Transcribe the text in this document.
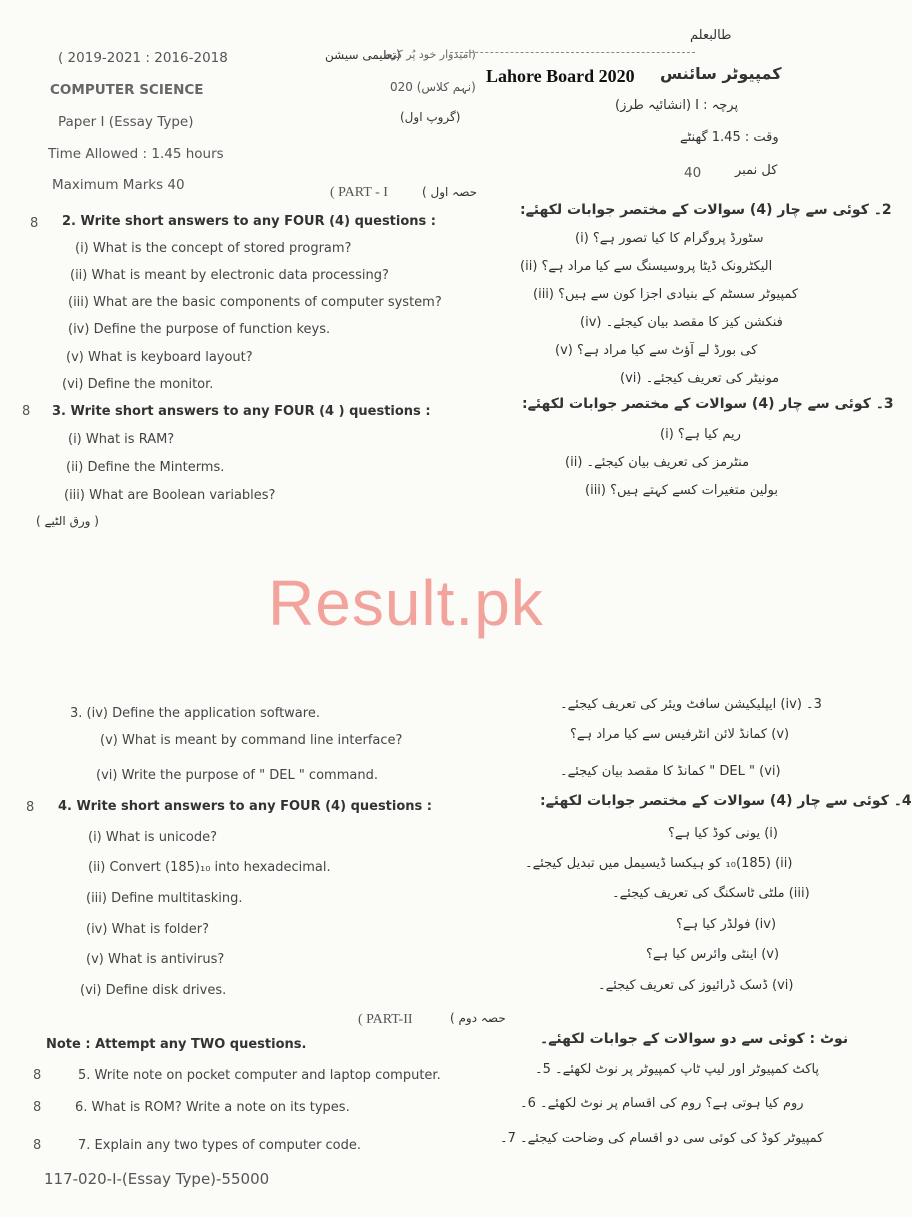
طالبعلم
( 2019-2021 : 2016-2018	(تعلیمی سیشن
(امیدوار خود پُر کرے
COMPUTER SCIENCE	020 (نہم کلاس)
Lahore Board 2020 کمپیوٹر سائنس
Paper I (Essay Type)	(گروپ اول)
پرچہ : I (انشائیہ طرز)
Time Allowed : 1.45 hours
وقت : 1.45 گھنٹے
Maximum Marks 40
40	کل نمبر
( PART - I	حصہ اول )
8 2. Write short answers to any FOUR (4) questions :
2۔ کوئی سے چار (4) سوالات کے مختصر جوابات لکھئے:
(i) What is the concept of stored program?
سٹورڈ پروگرام کا کیا تصور ہے؟ (i)
(ii) What is meant by electronic data processing?
الیکٹرونک ڈیٹا پروسیسنگ سے کیا مراد ہے؟ (ii)
(iii) What are the basic components of computer system?
کمپیوٹر سسٹم کے بنیادی اجزا کون سے ہیں؟ (iii)
(iv) Define the purpose of function keys.	فنکشن کیز کا مقصد بیان کیجئے۔ (iv)
(v) What is keyboard layout?	کی بورڈ لے آؤٹ سے کیا مراد ہے؟ (v)
(vi) Define the monitor.	مونیٹر کی تعریف کیجئے۔ (vi)
8 3. Write short answers to any FOUR (4 ) questions :	3۔ کوئی سے چار (4) سوالات کے مختصر جوابات لکھئے:
(i) What is RAM?	ریم کیا ہے؟ (i)
(ii) Define the Minterms.	منٹرمز کی تعریف بیان کیجئے۔ (ii)
(iii) What are Boolean variables?	بولین متغیرات کسے کہتے ہیں؟ (iii)
( ورق الٹیے )
Result.pk
3. (iv) Define the application software.
3۔ (iv) ایپلیکیشن سافٹ ویئر کی تعریف کیجئے۔
(v) What is meant by command line interface?	(v) کمانڈ لائن انٹرفیس سے کیا مراد ہے؟
(vi) Write the purpose of " DEL " command.	(vi) " DEL " کمانڈ کا مقصد بیان کیجئے۔
8 4. Write short answers to any FOUR (4) questions :	4۔ کوئی سے چار (4) سوالات کے مختصر جوابات لکھئے:
(i) What is unicode?	(i) یونی کوڈ کیا ہے؟
(ii) Convert (185)₁₀ into hexadecimal.	(ii) (185)₁₀ کو ہیکسا ڈیسیمل میں تبدیل کیجئے۔
(iii) Define multitasking.	(iii) ملٹی ٹاسکنگ کی تعریف کیجئے۔
(iv) What is folder?	(iv) فولڈر کیا ہے؟
(v) What is antivirus?	(v) اینٹی وائرس کیا ہے؟
(vi) Define disk drives.	(vi) ڈسک ڈرائیوز کی تعریف کیجئے۔
( PART-II	حصہ دوم )
Note : Attempt any TWO questions.	نوٹ : کوئی سے دو سوالات کے جوابات لکھئے۔
8	5. Write note on pocket computer and laptop computer.	پاکٹ کمپیوٹر اور لیپ ٹاپ کمپیوٹر پر نوٹ لکھئے۔ 5۔
8	6. What is ROM? Write a note on its types.	روم کیا ہوتی ہے؟ روم کی اقسام پر نوٹ لکھئے۔ 6۔
8	7. Explain any two types of computer code.	کمپیوٹر کوڈ کی کوئی سی دو اقسام کی وضاحت کیجئے۔ 7۔
117-020-I-(Essay Type)-55000
